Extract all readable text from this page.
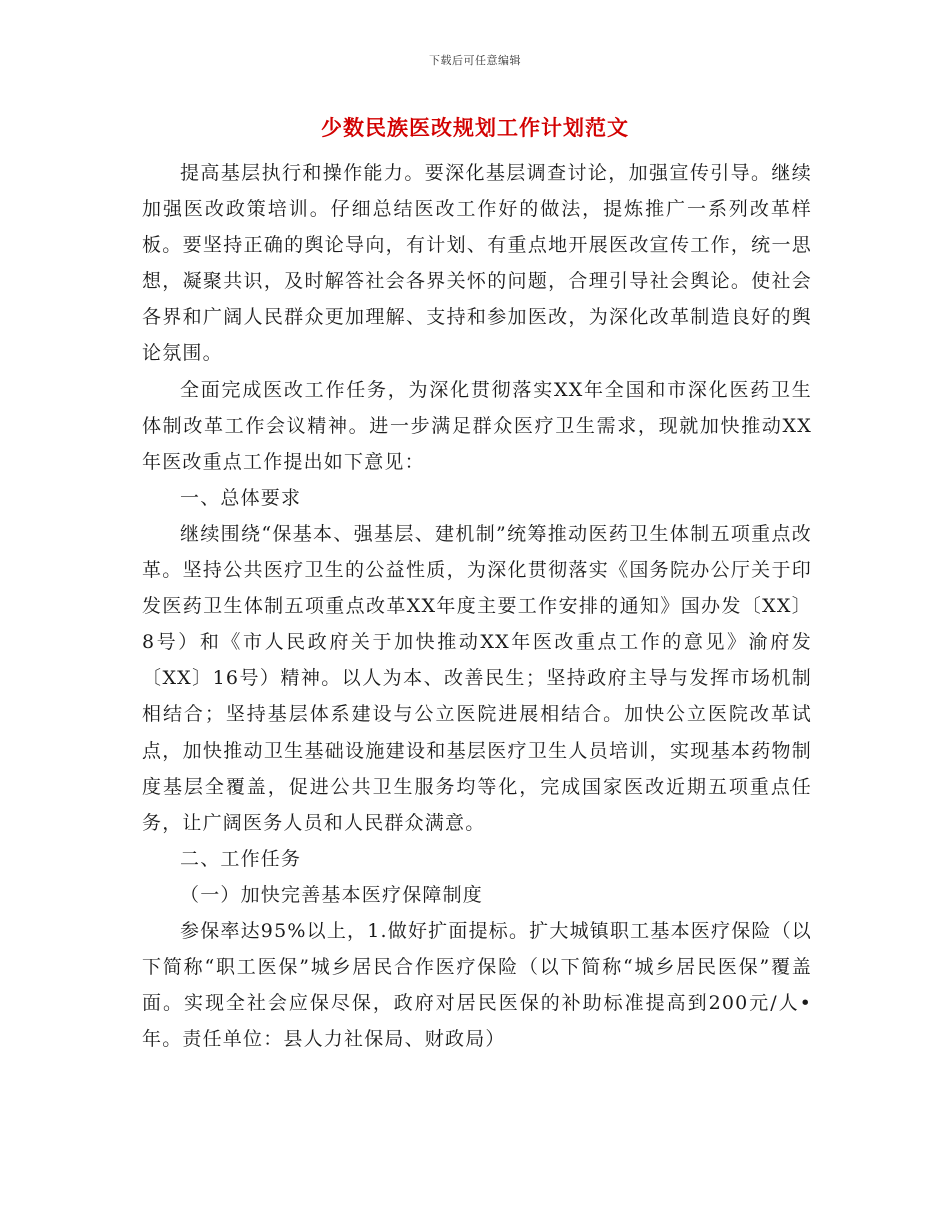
下载后可任意编辑
少数民族医改规划工作计划范文

提高基层执行和操作能力。要深化基层调查讨论，加强宣传引导。继续加强医改政策培训。仔细总结医改工作好的做法，提炼推广一系列改革样板。要坚持正确的舆论导向，有计划、有重点地开展医改宣传工作，统一思想，凝聚共识，及时解答社会各界关怀的问题，合理引导社会舆论。使社会各界和广阔人民群众更加理解、支持和参加医改，为深化改革制造良好的舆论氛围。

全面完成医改工作任务，为深化贯彻落实XX年全国和市深化医药卫生体制改革工作会议精神。进一步满足群众医疗卫生需求，现就加快推动XX年医改重点工作提出如下意见：

一、总体要求

继续围绕“保基本、强基层、建机制”统筹推动医药卫生体制五项重点改革。坚持公共医疗卫生的公益性质，为深化贯彻落实《国务院办公厅关于印发医药卫生体制五项重点改革XX年度主要工作安排的通知》国办发〔XX〕8号）和《市人民政府关于加快推动XX年医改重点工作的意见》渝府发〔XX〕16号）精神。以人为本、改善民生；坚持政府主导与发挥市场机制相结合；坚持基层体系建设与公立医院进展相结合。加快公立医院改革试点，加快推动卫生基础设施建设和基层医疗卫生人员培训，实现基本药物制度基层全覆盖，促进公共卫生服务均等化，完成国家医改近期五项重点任务，让广阔医务人员和人民群众满意。

二、工作任务

（一）加快完善基本医疗保障制度

参保率达95%以上，1.做好扩面提标。扩大城镇职工基本医疗保险（以下简称“职工医保”城乡居民合作医疗保险（以下简称“城乡居民医保”覆盖面。实现全社会应保尽保，政府对居民医保的补助标准提高到200元/人•年。责任单位：县人力社保局、财政局）
